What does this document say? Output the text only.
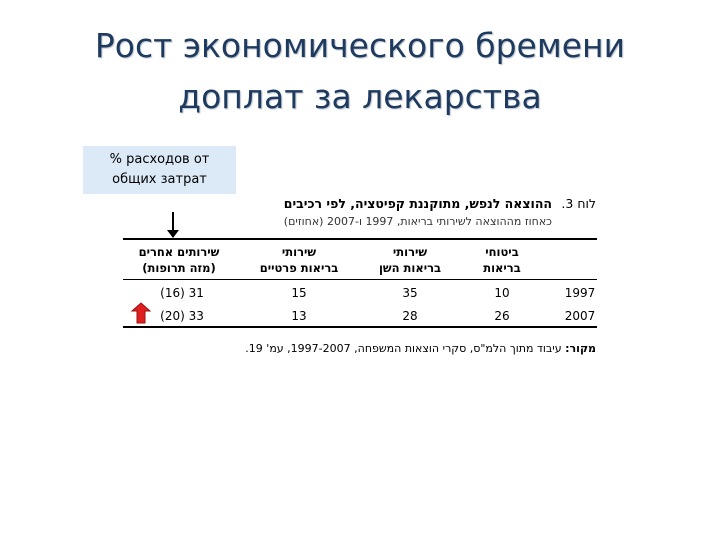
Рост экономического бремени
доплат за лекарства
% расходов от
общих затрат
לוח 3.
ההוצאה לנפש, מתוקננת קפיטציה, לפי רכיבים
כאחוז מההוצאה לשירותי בריאות, 1997 ו-2007 (אחוזים)
ביטוחי
בריאות
שירותי
בריאות השן
שירותי
בריאות פרטיים
שירותים אחרים
(מזה תרופות)
1997
10
35
15
31 (16)
2007
26
28
13
33 (20)
מקור: עיבוד מתוך הלמ"ס, סקרי הוצאות המשפחה, 1997-2007, עמ' 19.
